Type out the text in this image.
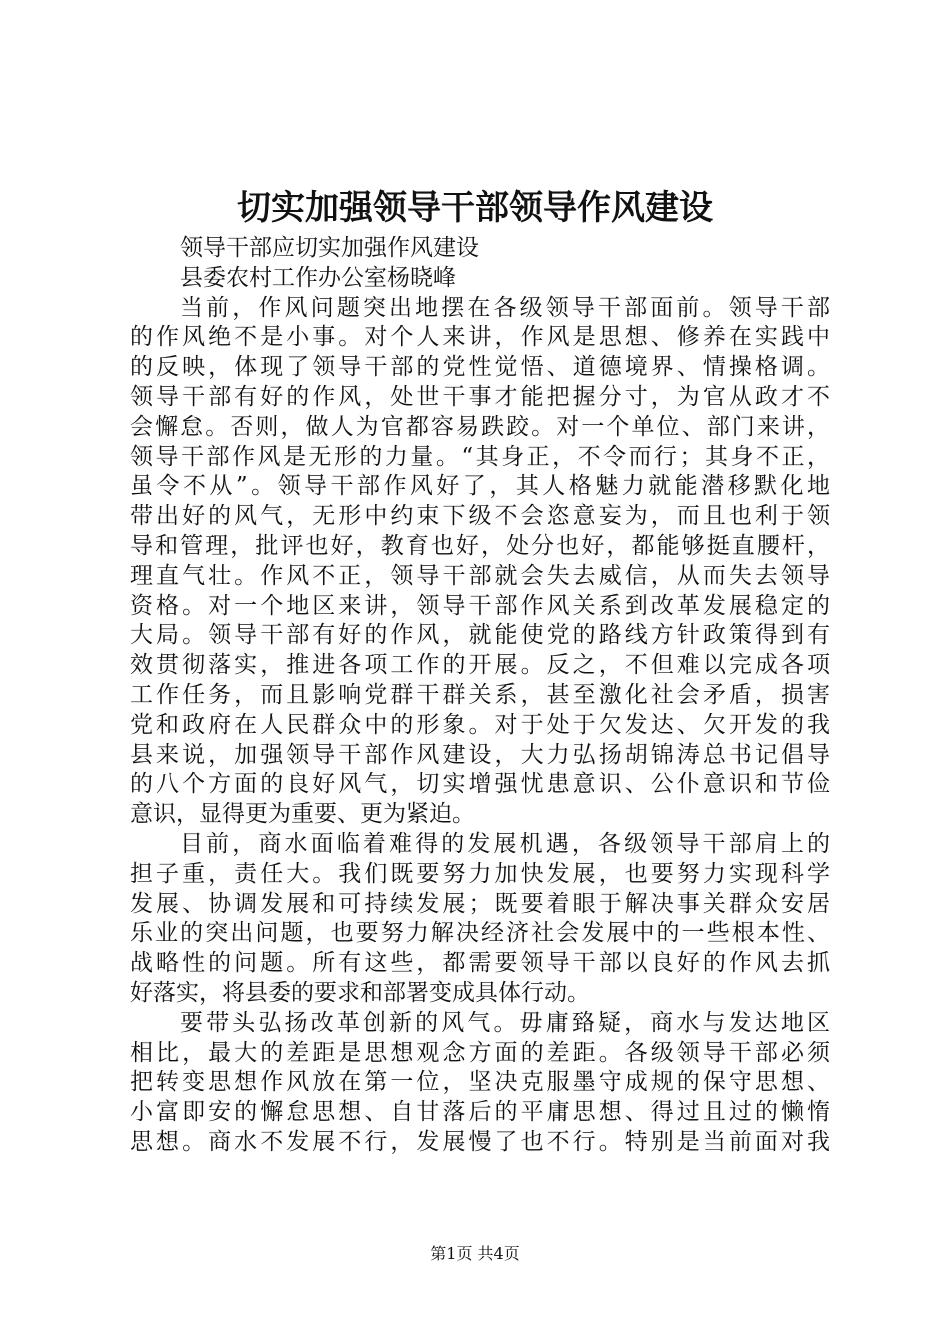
切实加强领导干部领导作风建设
领导干部应切实加强作风建设
县委农村工作办公室杨晓峰
当前，作风问题突出地摆在各级领导干部面前。领导干部
的作风绝不是小事。对个人来讲，作风是思想、修养在实践中
的反映，体现了领导干部的党性觉悟、道德境界、情操格调。
领导干部有好的作风，处世干事才能把握分寸，为官从政才不
会懈怠。否则，做人为官都容易跌跤。对一个单位、部门来讲，
领导干部作风是无形的力量。“其身正，不令而行；其身不正，
虽令不从”。领导干部作风好了，其人格魅力就能潜移默化地
带出好的风气，无形中约束下级不会恣意妄为，而且也利于领
导和管理，批评也好，教育也好，处分也好，都能够挺直腰杆，
理直气壮。作风不正，领导干部就会失去威信，从而失去领导
资格。对一个地区来讲，领导干部作风关系到改革发展稳定的
大局。领导干部有好的作风，就能使党的路线方针政策得到有
效贯彻落实，推进各项工作的开展。反之，不但难以完成各项
工作任务，而且影响党群干群关系，甚至激化社会矛盾，损害
党和政府在人民群众中的形象。对于处于欠发达、欠开发的我
县来说，加强领导干部作风建设，大力弘扬胡锦涛总书记倡导
的八个方面的良好风气，切实增强忧患意识、公仆意识和节俭
意识，显得更为重要、更为紧迫。
目前，商水面临着难得的发展机遇，各级领导干部肩上的
担子重，责任大。我们既要努力加快发展，也要努力实现科学
发展、协调发展和可持续发展；既要着眼于解决事关群众安居
乐业的突出问题，也要努力解决经济社会发展中的一些根本性、
战略性的问题。所有这些，都需要领导干部以良好的作风去抓
好落实，将县委的要求和部署变成具体行动。
要带头弘扬改革创新的风气。毋庸臵疑，商水与发达地区
相比，最大的差距是思想观念方面的差距。各级领导干部必须
把转变思想作风放在第一位，坚决克服墨守成规的保守思想、
小富即安的懈怠思想、自甘落后的平庸思想、得过且过的懒惰
思想。商水不发展不行，发展慢了也不行。特别是当前面对我
第1页 共4页
